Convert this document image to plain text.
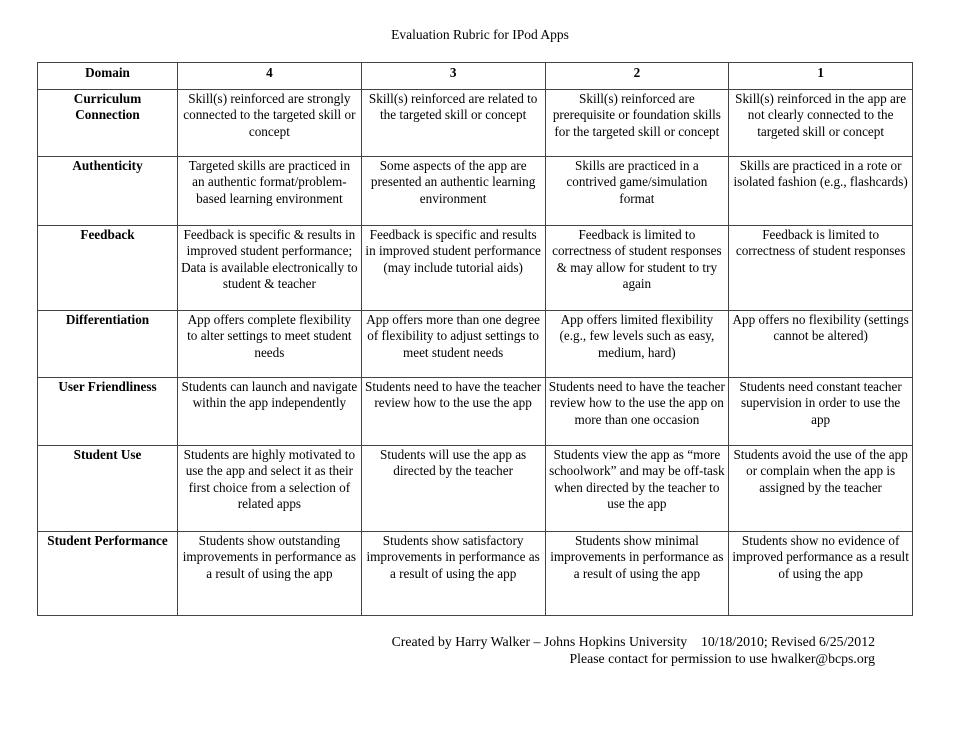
Evaluation Rubric for IPod Apps
Domain	4	3	2	1
Curriculum Connection	Skill(s) reinforced are strongly connected to the targeted skill or concept	Skill(s) reinforced are related to the targeted skill or concept	Skill(s) reinforced are prerequisite or foundation skills for the targeted skill or concept	Skill(s) reinforced in the app are not clearly connected to the targeted skill or concept
Authenticity	Targeted skills are practiced in an authentic format/problem-based learning environment	Some aspects of the app are presented an authentic learning environment	Skills are practiced in a contrived game/simulation format	Skills are practiced in a rote or isolated fashion (e.g., flashcards)
Feedback	Feedback is specific & results in improved student performance; Data is available electronically to student & teacher	Feedback is specific and results in improved student performance (may include tutorial aids)	Feedback is limited to correctness of student responses & may allow for student to try again	Feedback is limited to correctness of student responses
Differentiation	App offers complete flexibility to alter settings to meet student needs	App offers more than one degree of flexibility to adjust settings to meet student needs	App offers limited flexibility (e.g., few levels such as easy, medium, hard)	App offers no flexibility (settings cannot be altered)
User Friendliness	Students can launch and navigate within the app independently	Students need to have the teacher review how to the use the app	Students need to have the teacher review how to the use the app on more than one occasion	Students need constant teacher supervision in order to use the app
Student Use	Students are highly motivated to use the app and select it as their first choice from a selection of related apps	Students will use the app as directed by the teacher	Students view the app as “more schoolwork” and may be off-task when directed by the teacher to use the app	Students avoid the use of the app or complain when the app is assigned by the teacher
Student Performance	Students show outstanding improvements in performance as a result of using the app	Students show satisfactory improvements in performance as a result of using the app	Students show minimal improvements in performance as a result of using the app	Students show no evidence of improved performance as a result of using the app
Created by Harry Walker – Johns Hopkins University    10/18/2010; Revised 6/25/2012
Please contact for permission to use hwalker@bcps.org
